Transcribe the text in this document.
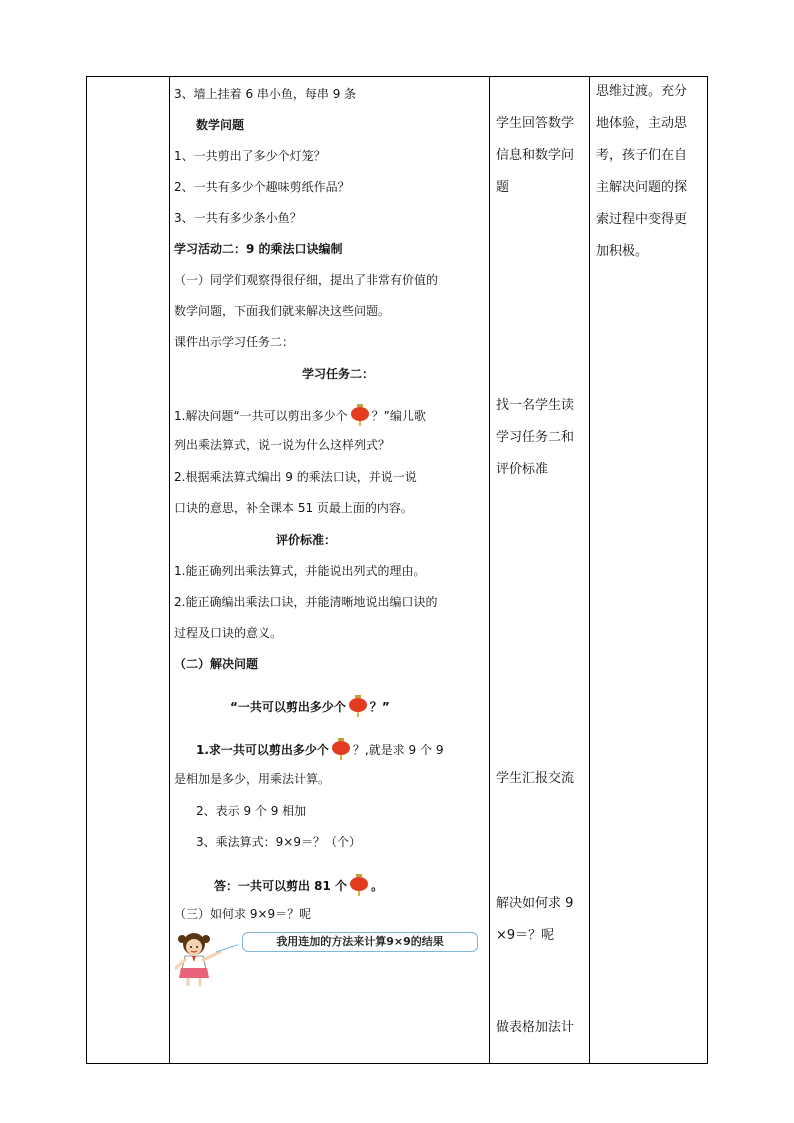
3、墙上挂着 6 串小鱼，每串 9 条
数学问题
1、一共剪出了多少个灯笼？
2、一共有多少个趣味剪纸作品？
3、一共有多少条小鱼？
学习活动二：9 的乘法口诀编制
（一）同学们观察得很仔细，提出了非常有价值的
数学问题，下面我们就来解决这些问题。
课件出示学习任务二：
学习任务二：
1.解决问题“一共可以剪出多少个 ？”编儿歌
列出乘法算式，说一说为什么这样列式？
2.根据乘法算式编出 9 的乘法口诀，并说一说
口诀的意思，补全课本 51 页最上面的内容。
评价标准：
1.能正确列出乘法算式，并能说出列式的理由。
2.能正确编出乘法口诀，并能清晰地说出编口诀的
过程及口诀的意义。
（二）解决问题
“一共可以剪出多少个 ？”
1.求一共可以剪出多少个 ？,就是求 9 个 9
是相加是多少，用乘法计算。
2、表示 9 个 9 相加
3、乘法算式：9×9＝？（个）
答：一共可以剪出 81 个 。
（三）如何求 9×9＝？呢
我用连加的方法来计算9×9的结果
学生回答数学
信息和数学问
题
找一名学生读
学习任务二和
评价标准
学生汇报交流
解决如何求 9
×9＝？呢
做表格加法计
思维过渡。充分
地体验，主动思
考，孩子们在自
主解决问题的探
索过程中变得更
加积极。
